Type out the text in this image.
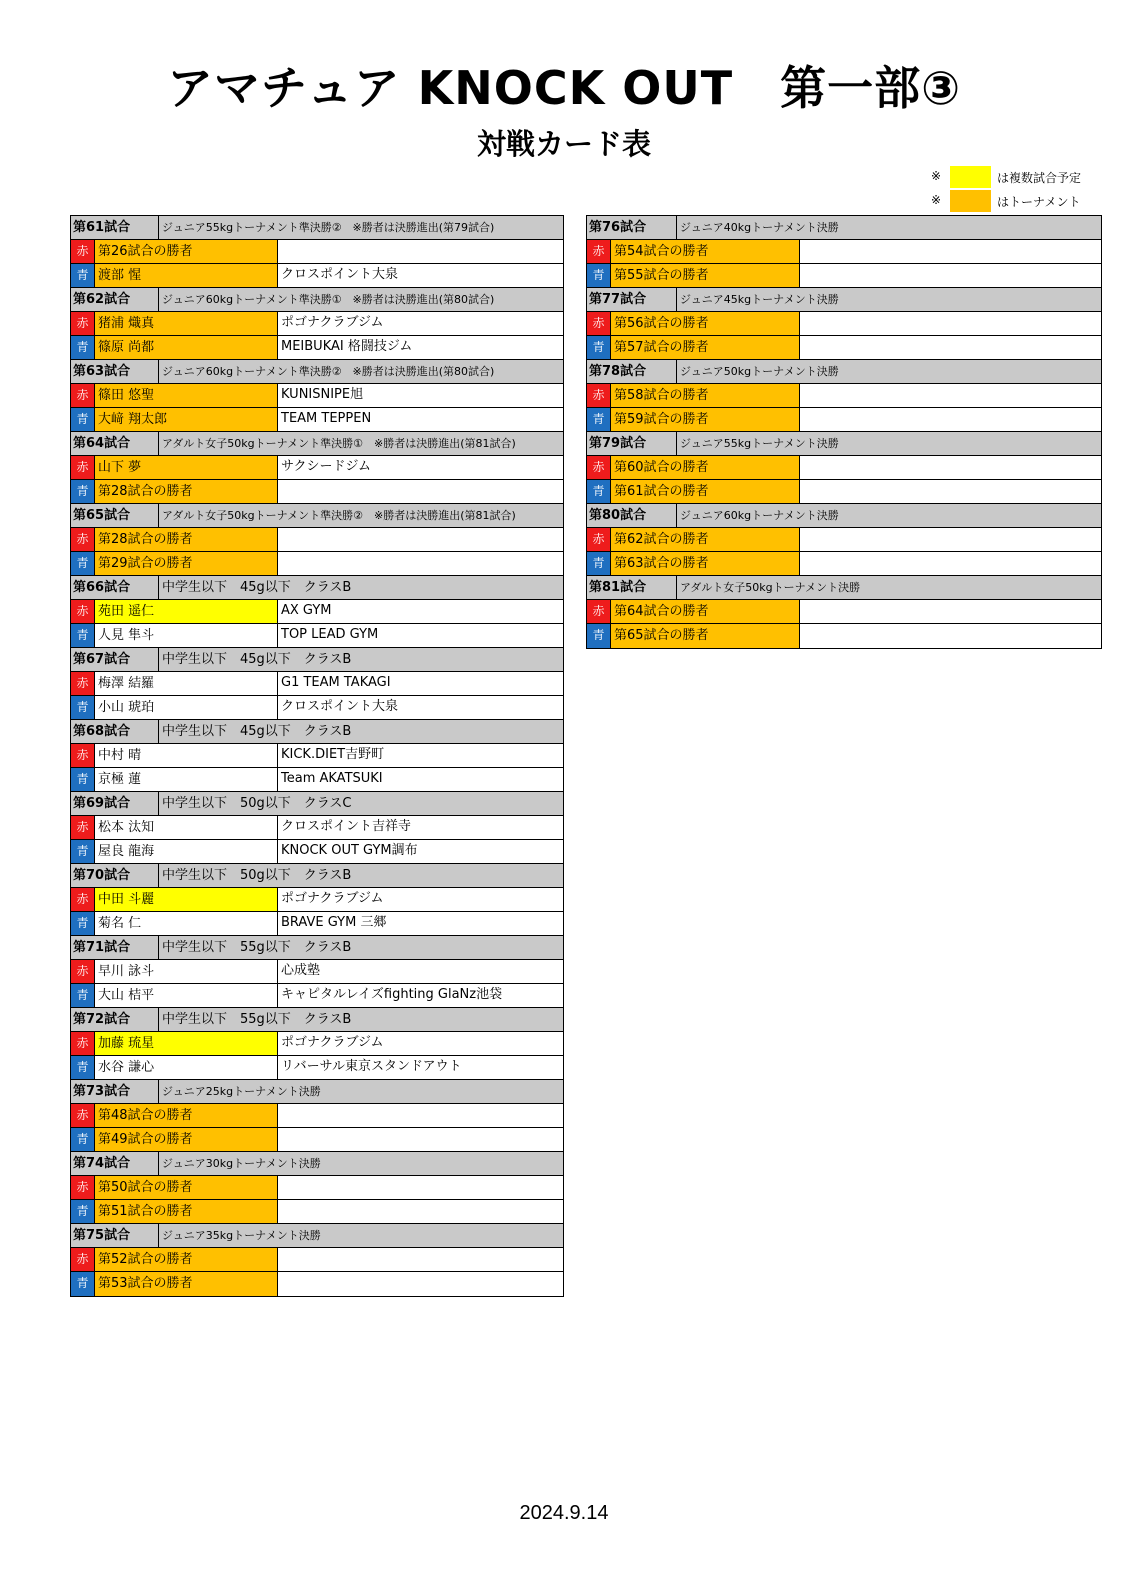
アマチュア KNOCK OUT　第一部③
対戦カード表
※	は複数試合予定
※	はトーナメント
第61試合	ジュニア55kgトーナメント準決勝②　※勝者は決勝進出(第79試合)
赤 第26試合の勝者
青 渡部 惺	クロスポイント大泉
第62試合	ジュニア60kgトーナメント準決勝①　※勝者は決勝進出(第80試合)
赤 猪浦 熾真	ポゴナクラブジム
青 篠原 尚都	MEIBUKAI 格闘技ジム
第63試合	ジュニア60kgトーナメント準決勝②　※勝者は決勝進出(第80試合)
赤 篠田 悠聖	KUNISNIPE旭
青 大﨑 翔太郎	TEAM TEPPEN
第64試合	アダルト女子50kgトーナメント準決勝①　※勝者は決勝進出(第81試合)
赤 山下 夢	サクシードジム
青 第28試合の勝者
第65試合	アダルト女子50kgトーナメント準決勝②　※勝者は決勝進出(第81試合)
赤 第28試合の勝者
青 第29試合の勝者
第66試合	中学生以下　45g以下　クラスB
赤 苑田 遥仁	AX GYM
青 人見 隼斗	TOP LEAD GYM
第67試合	中学生以下　45g以下　クラスB
赤 梅澤 結羅	G1 TEAM TAKAGI
青 小山 琥珀	クロスポイント大泉
第68試合	中学生以下　45g以下　クラスB
赤 中村 晴	KICK.DIET吉野町
青 京極 蓮	Team AKATSUKI
第69試合	中学生以下　50g以下　クラスC
赤 松本 汰知	クロスポイント吉祥寺
青 屋良 龍海	KNOCK OUT GYM調布
第70試合	中学生以下　50g以下　クラスB
赤 中田 斗麗	ポゴナクラブジム
青 菊名 仁	BRAVE GYM 三郷
第71試合	中学生以下　55g以下　クラスB
赤 早川 詠斗	心成塾
青 大山 桔平	キャピタルレイズfighting GlaNz池袋
第72試合	中学生以下　55g以下　クラスB
赤 加藤 琉星	ポゴナクラブジム
青 水谷 謙心	リバーサル東京スタンドアウト
第73試合	ジュニア25kgトーナメント決勝
赤 第48試合の勝者
青 第49試合の勝者
第74試合	ジュニア30kgトーナメント決勝
赤 第50試合の勝者
青 第51試合の勝者
第75試合	ジュニア35kgトーナメント決勝
赤 第52試合の勝者
青 第53試合の勝者
第76試合	ジュニア40kgトーナメント決勝
赤 第54試合の勝者
青 第55試合の勝者
第77試合	ジュニア45kgトーナメント決勝
赤 第56試合の勝者
青 第57試合の勝者
第78試合	ジュニア50kgトーナメント決勝
赤 第58試合の勝者
青 第59試合の勝者
第79試合	ジュニア55kgトーナメント決勝
赤 第60試合の勝者
青 第61試合の勝者
第80試合	ジュニア60kgトーナメント決勝
赤 第62試合の勝者
青 第63試合の勝者
第81試合	アダルト女子50kgトーナメント決勝
赤 第64試合の勝者
青 第65試合の勝者
2024.9.14
